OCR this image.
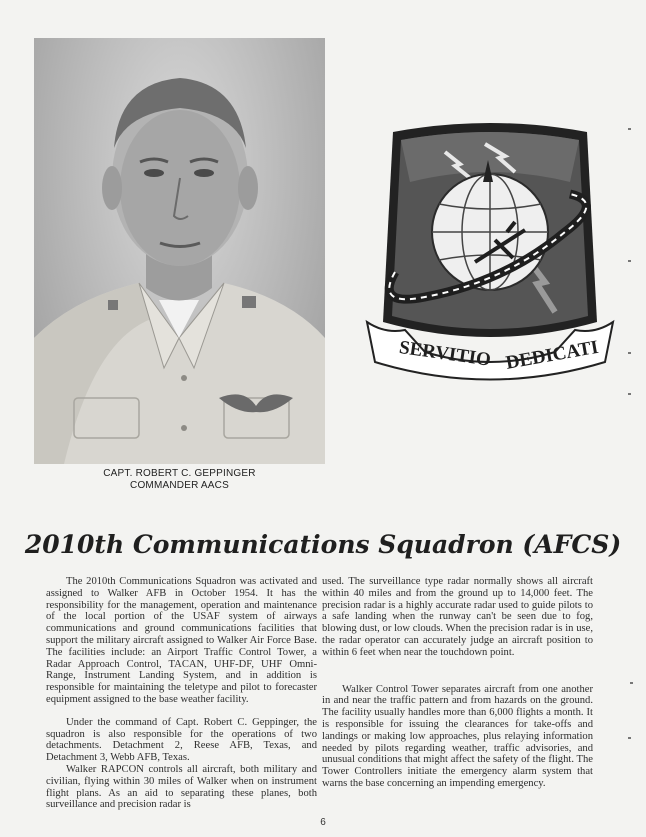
CAPT. ROBERT C. GEPPINGER
COMMANDER AACS
SERVITIO DEDICATI
2010th Communications Squadron (AFCS)

The 2010th Communications Squadron was activated and assigned to Walker AFB in October 1954. It has the responsibility for the management, operation and maintenance of the local portion of the USAF system of airways communications and ground communications facilities that support the military aircraft assigned to Walker Air Force Base. The facilities include: an Airport Traffic Control Tower, a Radar Approach Control, TACAN, UHF-DF, UHF Omni-Range, Instrument Landing System, and in addition is responsible for maintaining the teletype and pilot to forecaster equipment assigned to the base weather facility.

Under the command of Capt. Robert C. Geppinger, the squadron is also responsible for the operations of two detachments. Detachment 2, Reese AFB, Texas, and Detachment 3, Webb AFB, Texas.

Walker RAPCON controls all aircraft, both military and civilian, flying within 30 miles of Walker when on instrument flight plans. As an aid to separating these planes, both surveillance and precision radar is

used. The surveillance type radar normally shows all aircraft within 40 miles and from the ground up to 14,000 feet. The precision radar is a highly accurate radar used to guide pilots to a safe landing when the runway can't be seen due to fog, blowing dust, or low clouds. When the precision radar is in use, the radar operator can accurately judge an aircraft position to within 6 feet when near the touchdown point.

Walker Control Tower separates aircraft from one another in and near the traffic pattern and from hazards on the ground. The facility usually handles more than 6,000 flights a month. It is responsible for issuing the clearances for take-offs and landings or making low approaches, plus relaying information needed by pilots regarding weather, traffic advisories, and unusual conditions that might affect the safety of the flight. The Tower Controllers initiate the emergency alarm system that warns the base concerning an impending emergency.

6
